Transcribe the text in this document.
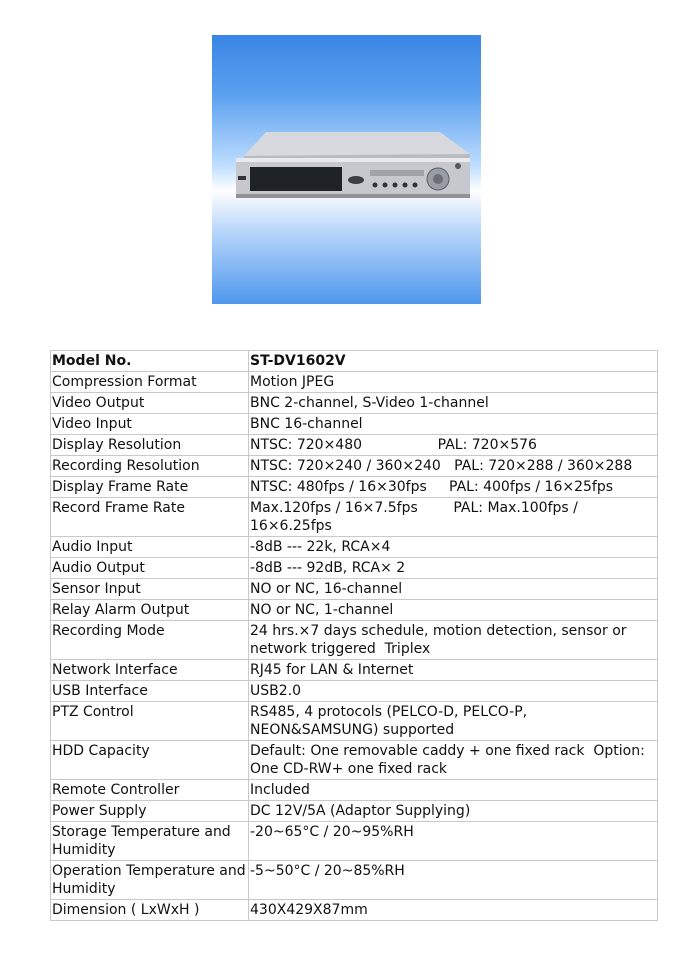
Model No.	ST-DV1602V
Compression Format	Motion JPEG
Video Output	BNC 2-channel, S-Video 1-channel
Video Input	BNC 16-channel
Display Resolution	NTSC: 720×480                 PAL: 720×576
Recording Resolution	NTSC: 720×240 / 360×240   PAL: 720×288 / 360×288
Display Frame Rate	NTSC: 480fps / 16×30fps     PAL: 400fps / 16×25fps
Record Frame Rate	Max.120fps / 16×7.5fps        PAL: Max.100fps / 16×6.25fps
Audio Input	-8dB --- 22k, RCA×4
Audio Output	-8dB --- 92dB, RCA× 2
Sensor Input	NO or NC, 16-channel
Relay Alarm Output	NO or NC, 1-channel
Recording Mode	24 hrs.×7 days schedule, motion detection, sensor or network triggered  Triplex
Network Interface	RJ45 for LAN & Internet
USB Interface	USB2.0
PTZ Control	RS485, 4 protocols (PELCO-D, PELCO-P, NEON&SAMSUNG) supported
HDD Capacity	Default: One removable caddy + one fixed rack  Option:  One CD-RW+ one fixed rack
Remote Controller	Included
Power Supply	DC 12V/5A (Adaptor Supplying)
Storage Temperature and Humidity	-20~65°C / 20~95%RH
Operation Temperature and Humidity	-5~50°C / 20~85%RH
Dimension ( LxWxH )	430X429X87mm
